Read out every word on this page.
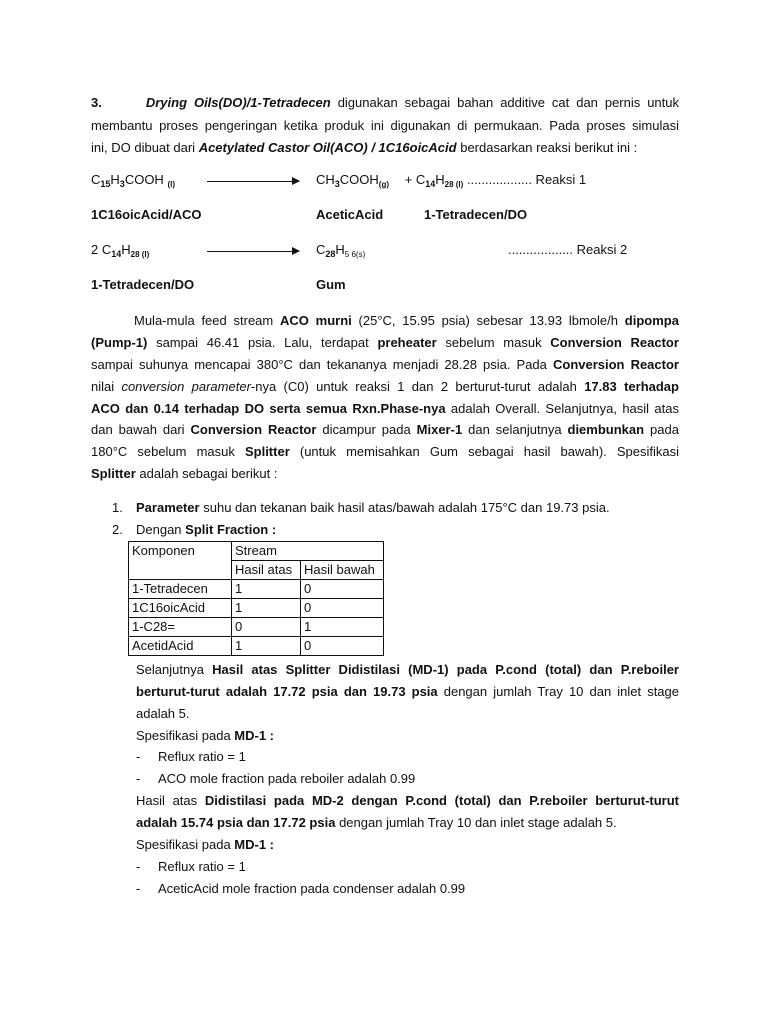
3.	Drying Oils(DO)/1-Tetradecen digunakan sebagai bahan additive cat dan pernis untuk
membantu proses pengeringan ketika produk ini digunakan di permukaan. Pada proses simulasi
ini, DO dibuat dari Acetylated Castor Oil(ACO) / 1C16oicAcid berdasarkan reaksi berikut ini :
$C_{15}H_3COOH$ $_{(l)}$	$CH_3COOH_{(g)} + C_{14}H_{28 (l)}$ .................. Reaksi 1
1C16oicAcid/ACO	AceticAcid	1-Tetradecen/DO
2 $C_{14}H_{28 (l)}$	$C_{28}H_{5 6(s)}$	.................. Reaksi 2
1-Tetradecen/DO	Gum
Mula-mula feed stream ACO murni (25°C, 15.95 psia) sebesar 13.93 lbmole/h dipompa
(Pump-1) sampai 46.41 psia. Lalu, terdapat preheater sebelum masuk Conversion Reactor
sampai suhunya mencapai 380°C dan tekananya menjadi 28.28 psia. Pada Conversion Reactor
nilai conversion parameter-nya (C0) untuk reaksi 1 dan 2 berturut-turut adalah 17.83 terhadap
ACO dan 0.14 terhadap DO serta semua Rxn.Phase-nya adalah Overall. Selanjutnya, hasil atas
dan bawah dari Conversion Reactor dicampur pada Mixer-1 dan selanjutnya diembunkan pada
180°C sebelum masuk Splitter (untuk memisahkan Gum sebagai hasil bawah). Spesifikasi
Splitter adalah sebagai berikut :
1. Parameter suhu dan tekanan baik hasil atas/bawah adalah 175°C dan 19.73 psia.
2. Dengan Split Fraction :
Komponen	Stream	
	Hasil atas	Hasil bawah
1-Tetradecen	1	0
1C16oicAcid	1	0
1-C28=	0	1
AcetidAcid	1	0
Selanjutnya Hasil atas Splitter Didistilasi (MD-1) pada P.cond (total) dan P.reboiler
berturut-turut adalah 17.72 psia dan 19.73 psia dengan jumlah Tray 10 dan inlet stage
adalah 5.
Spesifikasi pada MD-1 :
- Reflux ratio = 1
- ACO mole fraction pada reboiler adalah 0.99
Hasil atas Didistilasi pada MD-2 dengan P.cond (total) dan P.reboiler berturut-turut
adalah 15.74 psia dan 17.72 psia dengan jumlah Tray 10 dan inlet stage adalah 5.
Spesifikasi pada MD-1 :
- Reflux ratio = 1
- AceticAcid mole fraction pada condenser adalah 0.99
